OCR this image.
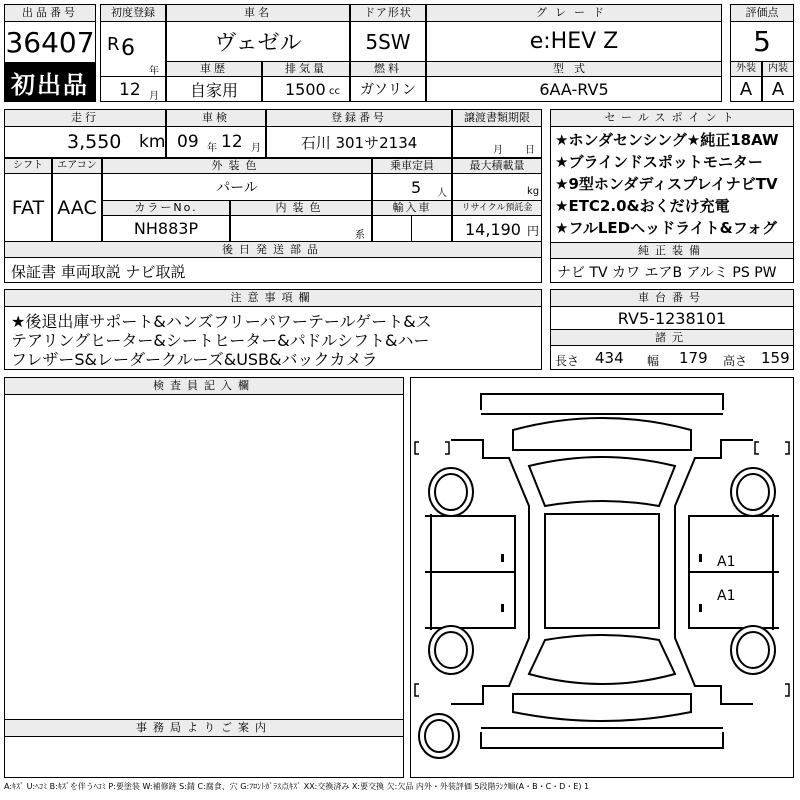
出品番号
36407
初出品
初度登録
R 6
年
12 月
車名
ヴェゼル
ドア形状
5SW
グレード
e:HEV Z
評価点
5
車歴
自家用
排気量
1500 cc
燃料
ガソリン
型式
6AA-RV5
外装	内装
A	A
走行
3,550 km
車検
09 年 12 月
登録番号
石川 301サ2134
譲渡書類期限
月 日
シフト
FAT
エアコン
AAC
外装色
パール
乗車定員
5 人
最大積載量
kg
カラーNo.
NH883P
内装色
系
輸入車	リサイクル預託金
14,190 円
後日発送部品
保証書 車両取説 ナビ取説
セールスポイント
★ホンダセンシング★純正18AW
★ブラインドスポットモニター
★9型ホンダディスプレイナビTV
★ETC2.0&おくだけ充電
★フルLEDヘッドライト&フォグ
純正装備
ナビ TV カワ エアB アルミ PS PW
注意事項欄
★後退出庫サポート&ハンズフリーパワーテールゲート&ス
テアリングヒーター&シートヒーター&パドルシフト&ハー
フレザーS&レーダークルーズ&USB&バックカメラ
車台番号
RV5-1238101
諸元
長さ 434 幅 179 高さ 159
検査員記入欄
事務局よりご案内
A1
A1
A:ｷｽﾞ U:ﾍｺﾐ B:ｷｽﾞを伴うﾍｺﾐ P:要塗装 W:補修跡 S:錆 C:腐食、穴 G:ﾌﾛﾝﾄｶﾞﾗｽ点ｷｽﾞ XX:交換済み X:要交換 欠:欠品 内外・外装評価 5段階ﾗﾝｸ順(A・B・C・D・E) 1
